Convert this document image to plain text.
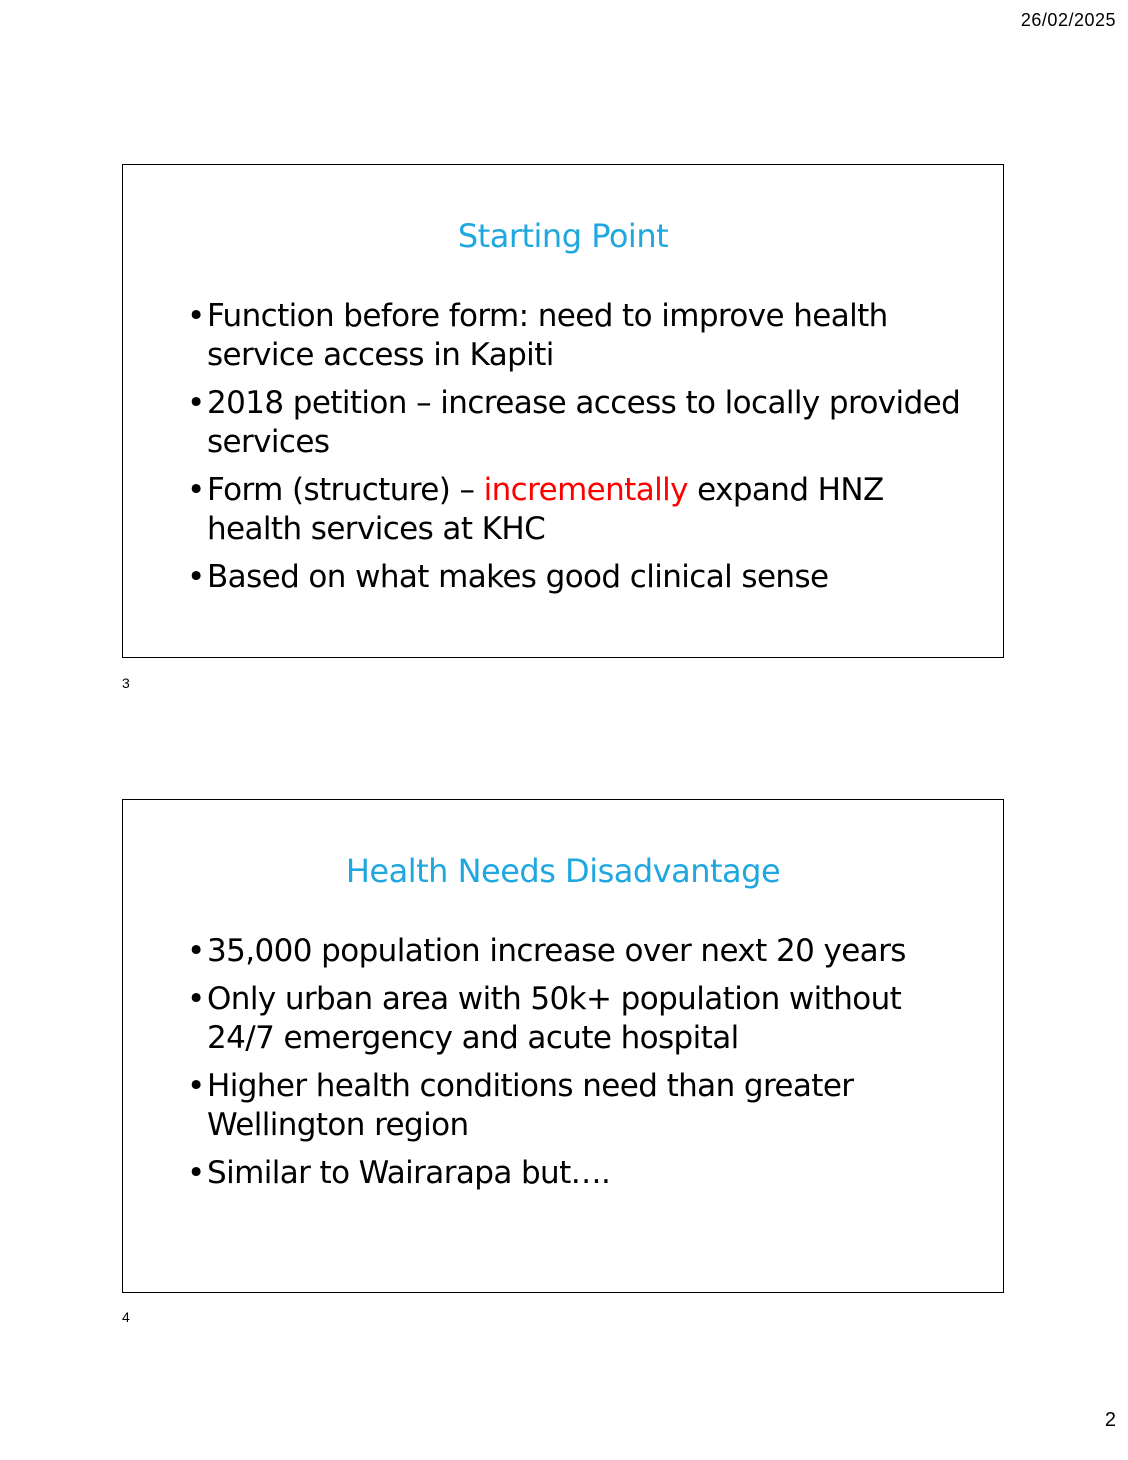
26/02/2025
Starting Point
• Function before form: need to improve health service access in Kapiti
• 2018 petition – increase access to locally provided services
• Form (structure) – incrementally expand HNZ health services at KHC
• Based on what makes good clinical sense
3
Health Needs Disadvantage
• 35,000 population increase over next 20 years
• Only urban area with 50k+ population without 24/7 emergency and acute hospital
• Higher health conditions need than greater Wellington region
• Similar to Wairarapa but….
4
2
